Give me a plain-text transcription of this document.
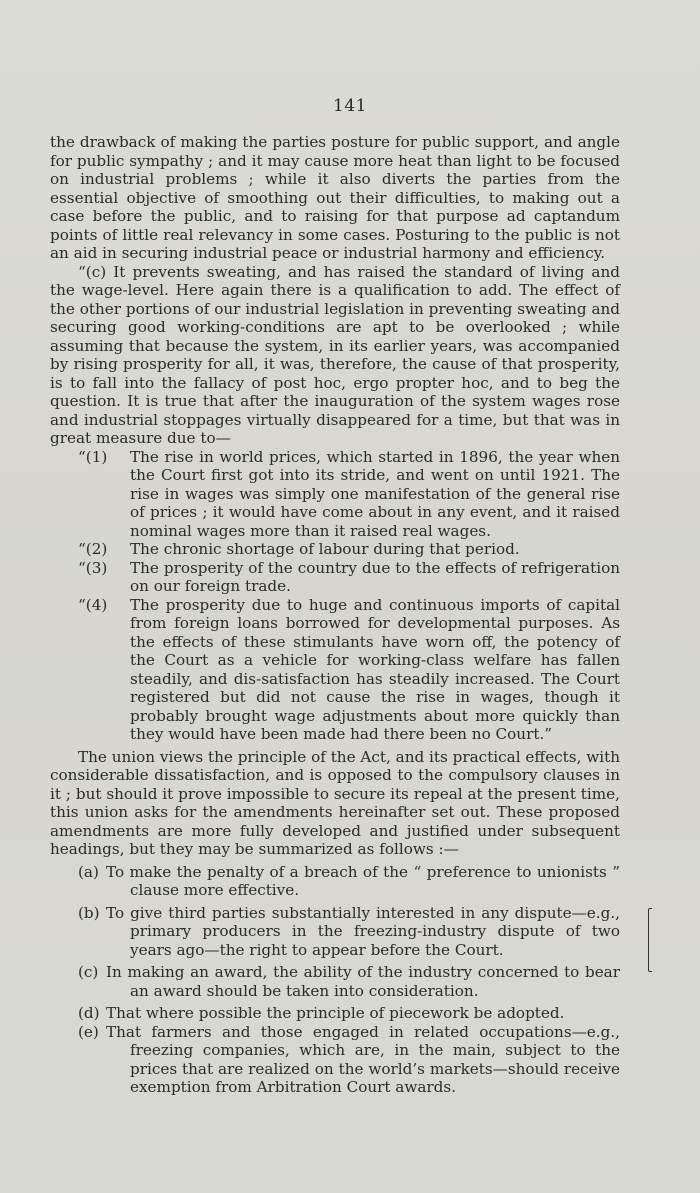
141

the drawback of making the parties posture for public support, and angle for public sympathy ; and it may cause more heat than light to be focused on industrial problems ; while it also diverts the parties from the essential objective of smoothing out their difficulties, to making out a case before the public, and to raising for that purpose ad captandum points of little real relevancy in some cases. Posturing to the public is not an aid in securing industrial peace or industrial harmony and efficiency.

“(c) It prevents sweating, and has raised the standard of living and the wage-level. Here again there is a qualification to add. The effect of the other portions of our industrial legislation in preventing sweating and securing good working-conditions are apt to be overlooked ; while assuming that because the system, in its earlier years, was accompanied by rising prosperity for all, it was, therefore, the cause of that prosperity, is to fall into the fallacy of post hoc, ergo propter hoc, and to beg the question. It is true that after the inauguration of the system wages rose and industrial stoppages virtually disappeared for a time, but that was in great measure due to—

“(1) The rise in world prices, which started in 1896, the year when the Court first got into its stride, and went on until 1921. The rise in wages was simply one manifestation of the general rise of prices ; it would have come about in any event, and it raised nominal wages more than it raised real wages.
“(2) The chronic shortage of labour during that period.
“(3) The prosperity of the country due to the effects of refrigeration on our foreign trade.
“(4) The prosperity due to huge and continuous imports of capital from foreign loans borrowed for developmental purposes. As the effects of these stimulants have worn off, the potency of the Court as a vehicle for working-class welfare has fallen steadily, and dis-satisfaction has steadily increased. The Court registered but did not cause the rise in wages, though it probably brought wage adjustments about more quickly than they would have been made had there been no Court.”

The union views the principle of the Act, and its practical effects, with considerable dissatisfaction, and is opposed to the compulsory clauses in it ; but should it prove impossible to secure its repeal at the present time, this union asks for the amendments hereinafter set out. These proposed amendments are more fully developed and justified under subsequent headings, but they may be summarized as follows :—

(a) To make the penalty of a breach of the “ preference to unionists ” clause more effective.
(b) To give third parties substantially interested in any dispute—e.g., primary producers in the freezing-industry dispute of two years ago—the right to appear before the Court.
(c) In making an award, the ability of the industry concerned to bear an award should be taken into consideration.
(d) That where possible the principle of piecework be adopted.
(e) That farmers and those engaged in related occupations—e.g., freezing companies, which are, in the main, subject to the prices that are realized on the world’s markets—should receive exemption from Arbitration Court awards.
